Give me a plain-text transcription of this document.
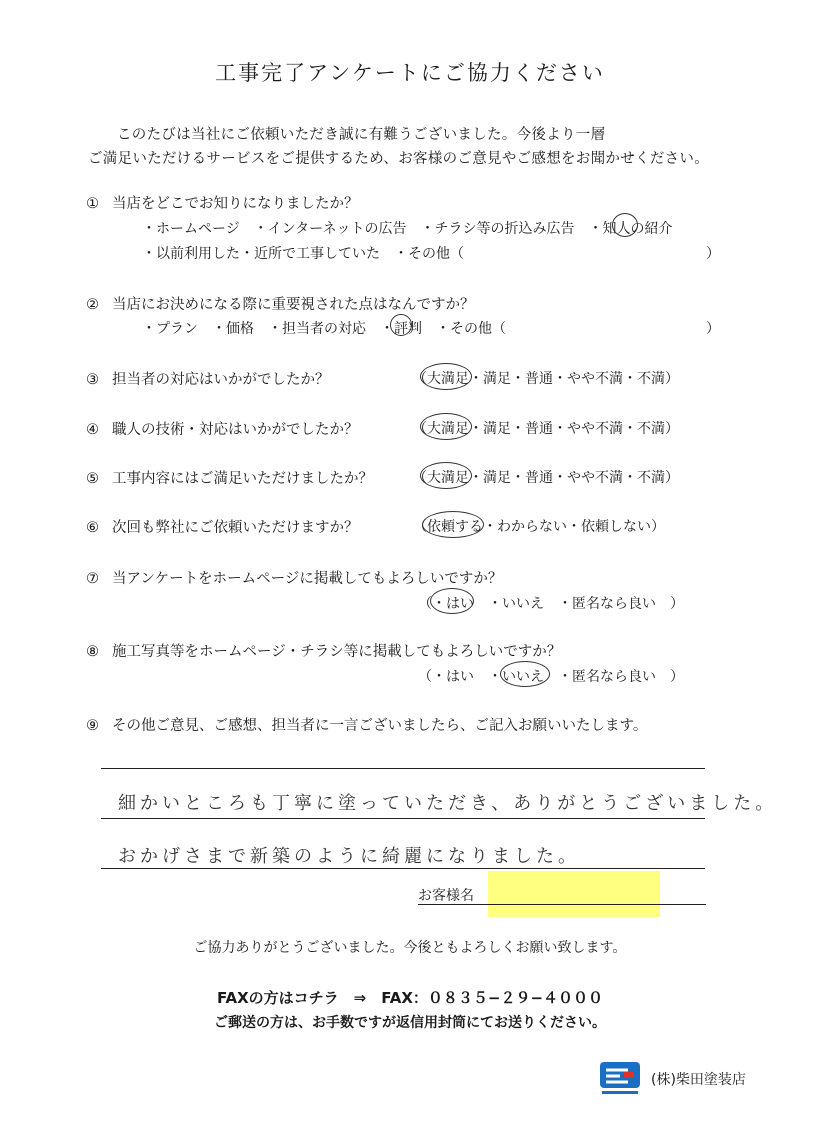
工事完了アンケートにご協力ください
このたびは当社にご依頼いただき誠に有難うございました。今後より一層
ご満足いただけるサービスをご提供するため、お客様のご意見やご感想をお聞かせください。
① 当店をどこでお知りになりましたか？
・ホームページ　・インターネットの広告　・チラシ等の折込み広告　・知人の紹介
・以前利用した・近所で工事していた　・その他（	）
② 当店にお決めになる際に重要視された点はなんですか？
・プラン　・価格　・担当者の対応　・評判　・その他（	）
③ 担当者の対応はいかがでしたか？	（大満足・満足・普通・やや不満・不満）
④ 職人の技術・対応はいかがでしたか？	（大満足・満足・普通・やや不満・不満）
⑤ 工事内容にはご満足いただけましたか？	（大満足・満足・普通・やや不満・不満）
⑥ 次回も弊社にご依頼いただけますか？	（依頼する・わからない・依頼しない）
⑦ 当アンケートをホームページに掲載してもよろしいですか？
（・はい　・いいえ　・匿名なら良い　）
⑧ 施工写真等をホームページ・チラシ等に掲載してもよろしいですか？
（・はい　・いいえ　・匿名なら良い　）
⑨ その他ご意見、ご感想、担当者に一言ございましたら、ご記入お願いいたします。
細かいところも丁寧に塗っていただき、ありがとうございました。
おかげさまで新築のように綺麗になりました。
お客様名
ご協力ありがとうございました。今後ともよろしくお願い致します。
FAXの方はコチラ　⇒　FAX：０８３５−２９−４０００
ご郵送の方は、お手数ですが返信用封筒にてお送りください。
(株)柴田塗装店
